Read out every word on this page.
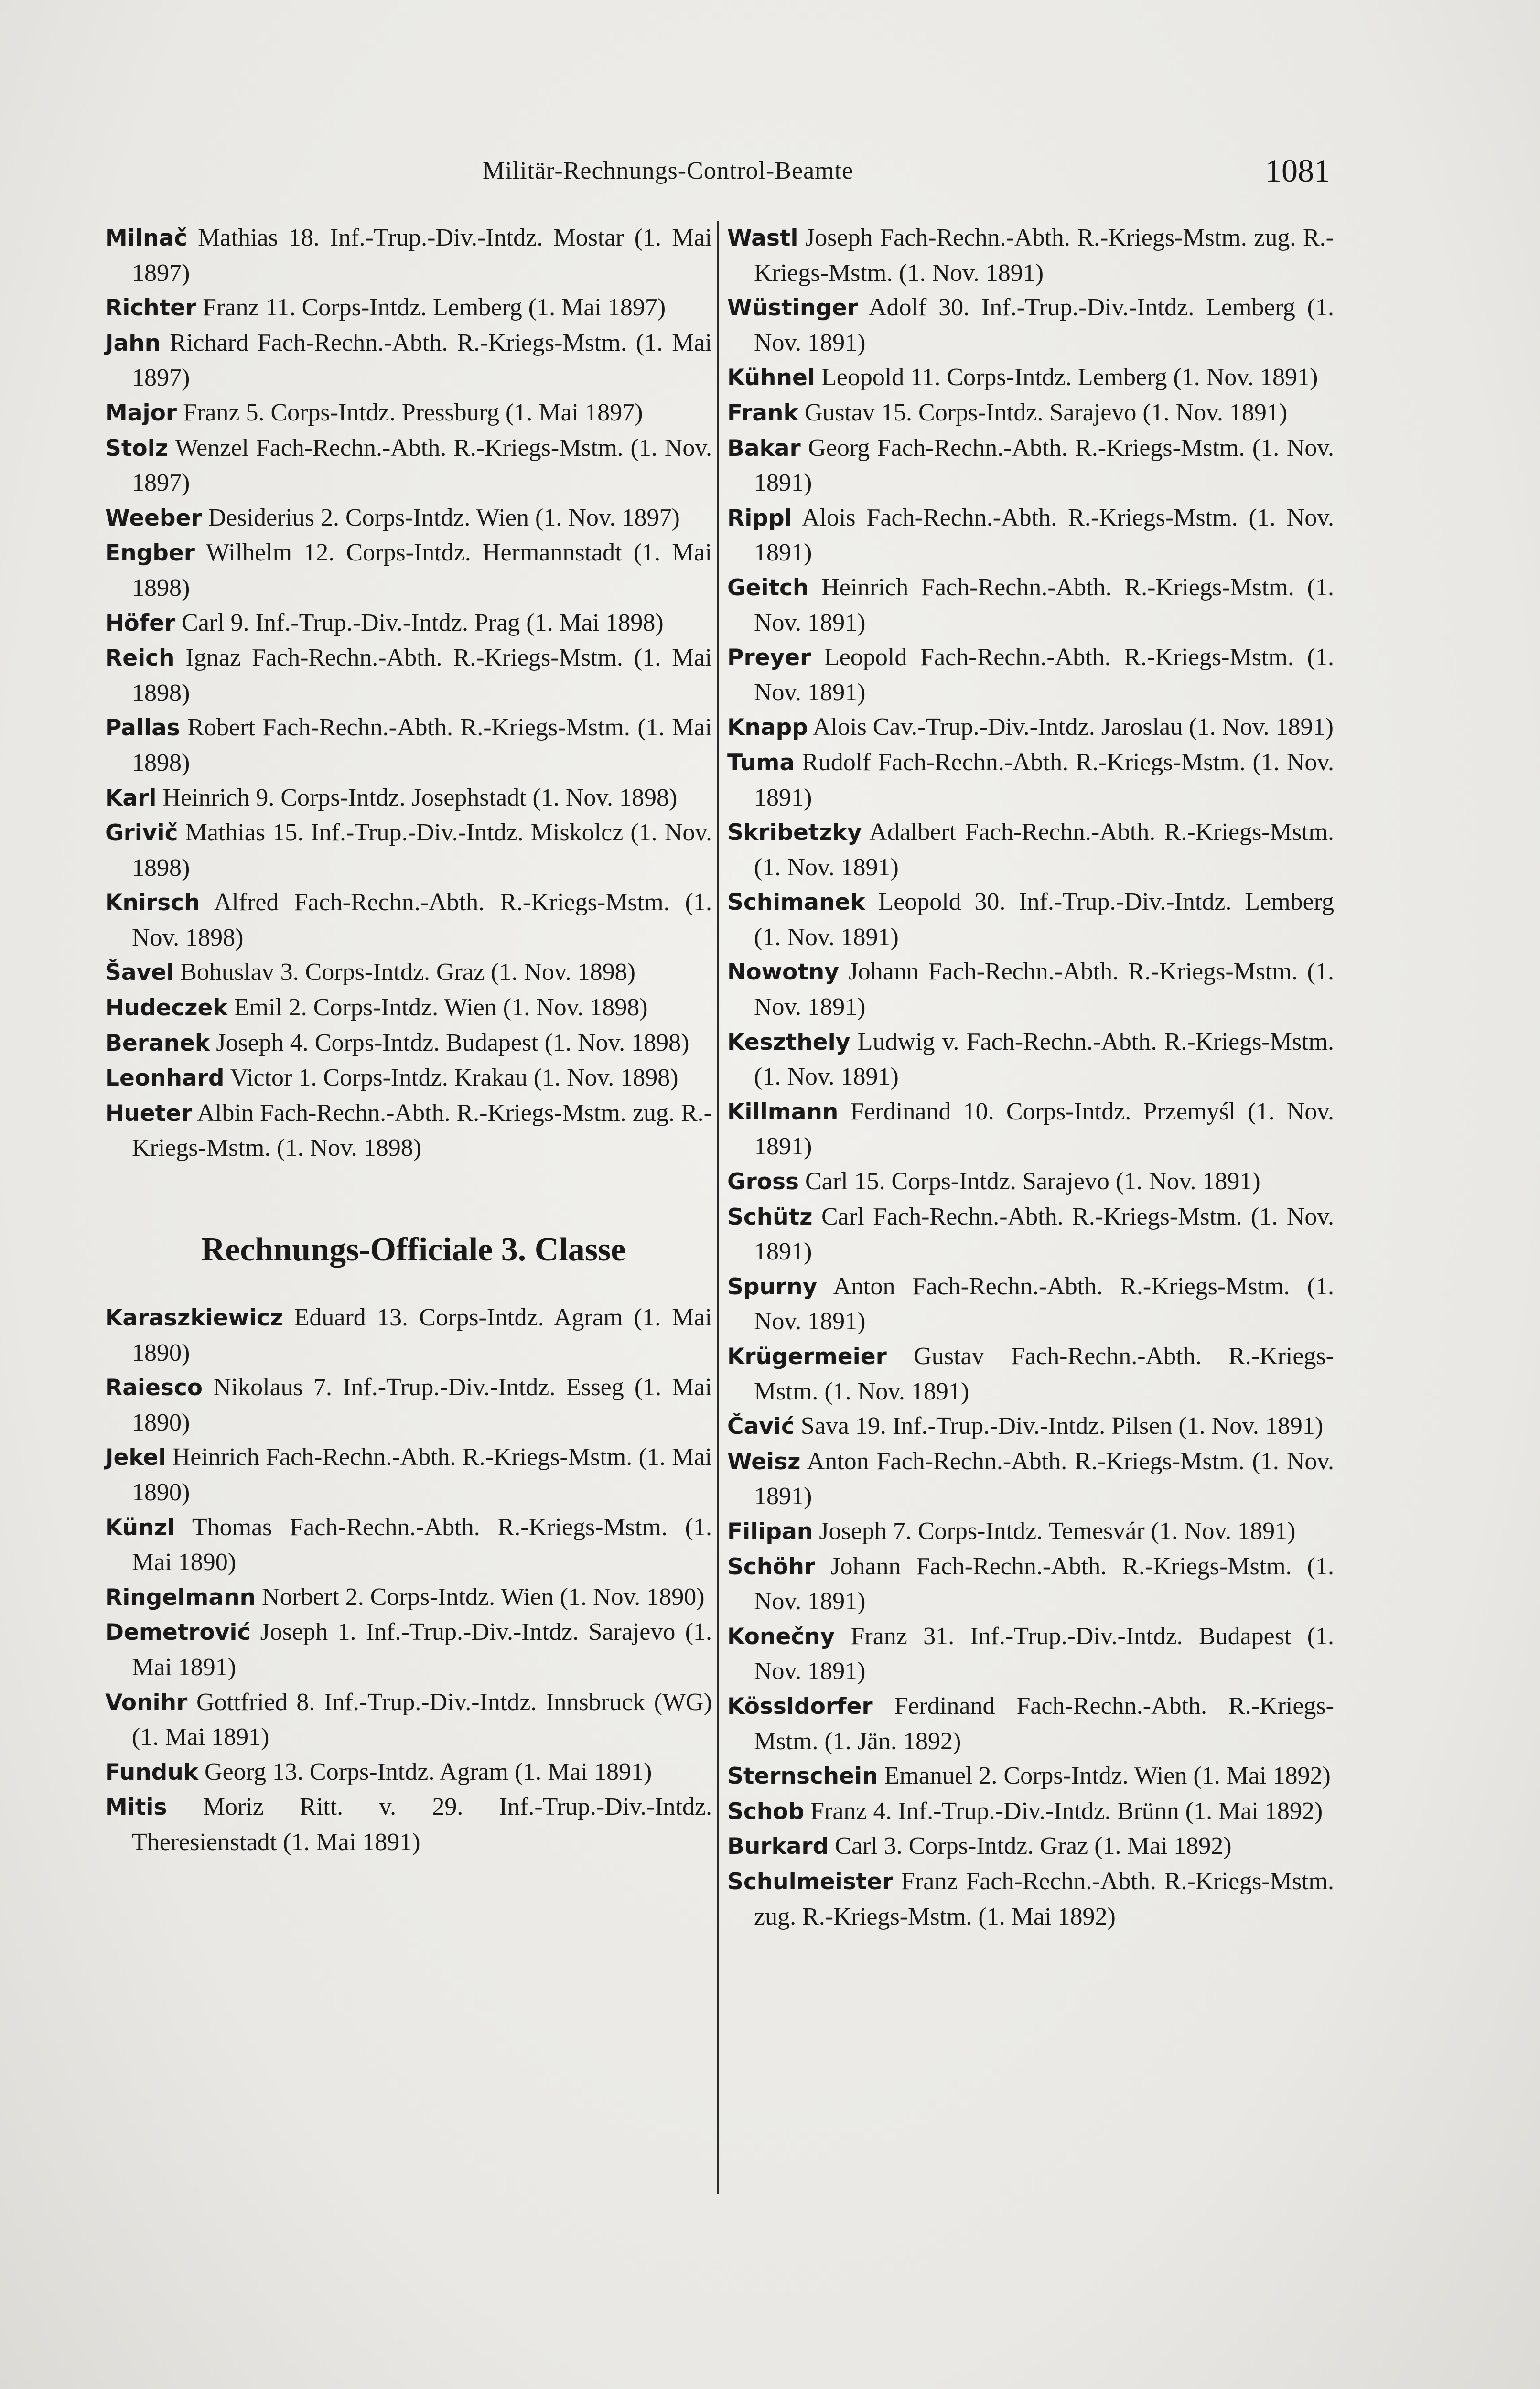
Militär-Rechnungs-Control-Beamte	1081

Milnač Mathias 18. Inf.-Trup.-Div.-Intdz. Mostar (1. Mai 1897)

Richter Franz 11. Corps-Intdz. Lemberg (1. Mai 1897)

Jahn Richard Fach-Rechn.-Abth. R.-Kriegs-Mstm. (1. Mai 1897)

Major Franz 5. Corps-Intdz. Pressburg (1. Mai 1897)

Stolz Wenzel Fach-Rechn.-Abth. R.-Kriegs-Mstm. (1. Nov. 1897)

Weeber Desiderius 2. Corps-Intdz. Wien (1. Nov. 1897)

Engber Wilhelm 12. Corps-Intdz. Hermannstadt (1. Mai 1898)

Höfer Carl 9. Inf.-Trup.-Div.-Intdz. Prag (1. Mai 1898)

Reich Ignaz Fach-Rechn.-Abth. R.-Kriegs-Mstm. (1. Mai 1898)

Pallas Robert Fach-Rechn.-Abth. R.-Kriegs-Mstm. (1. Mai 1898)

Karl Heinrich 9. Corps-Intdz. Josephstadt (1. Nov. 1898)

Grivič Mathias 15. Inf.-Trup.-Div.-Intdz. Miskolcz (1. Nov. 1898)

Knirsch Alfred Fach-Rechn.-Abth. R.-Kriegs-Mstm. (1. Nov. 1898)

Šavel Bohuslav 3. Corps-Intdz. Graz (1. Nov. 1898)

Hudeczek Emil 2. Corps-Intdz. Wien (1. Nov. 1898)

Beranek Joseph 4. Corps-Intdz. Budapest (1. Nov. 1898)

Leonhard Victor 1. Corps-Intdz. Krakau (1. Nov. 1898)

Hueter Albin Fach-Rechn.-Abth. R.-Kriegs-Mstm. zug. R.-Kriegs-Mstm. (1. Nov. 1898)

Rechnungs-Officiale 3. Classe

Karaszkiewicz Eduard 13. Corps-Intdz. Agram (1. Mai 1890)

Raiesco Nikolaus 7. Inf.-Trup.-Div.-Intdz. Esseg (1. Mai 1890)

Jekel Heinrich Fach-Rechn.-Abth. R.-Kriegs-Mstm. (1. Mai 1890)

Künzl Thomas Fach-Rechn.-Abth. R.-Kriegs-Mstm. (1. Mai 1890)

Ringelmann Norbert 2. Corps-Intdz. Wien (1. Nov. 1890)

Demetrović Joseph 1. Inf.-Trup.-Div.-Intdz. Sarajevo (1. Mai 1891)

Vonihr Gottfried 8. Inf.-Trup.-Div.-Intdz. Innsbruck (WG) (1. Mai 1891)

Funduk Georg 13. Corps-Intdz. Agram (1. Mai 1891)

Mitis Moriz Ritt. v. 29. Inf.-Trup.-Div.-Intdz. Theresienstadt (1. Mai 1891)

Wastl Joseph Fach-Rechn.-Abth. R.-Kriegs-Mstm. zug. R.-Kriegs-Mstm. (1. Nov. 1891)

Wüstinger Adolf 30. Inf.-Trup.-Div.-Intdz. Lemberg (1. Nov. 1891)

Kühnel Leopold 11. Corps-Intdz. Lemberg (1. Nov. 1891)

Frank Gustav 15. Corps-Intdz. Sarajevo (1. Nov. 1891)

Bakar Georg Fach-Rechn.-Abth. R.-Kriegs-Mstm. (1. Nov. 1891)

Rippl Alois Fach-Rechn.-Abth. R.-Kriegs-Mstm. (1. Nov. 1891)

Geitch Heinrich Fach-Rechn.-Abth. R.-Kriegs-Mstm. (1. Nov. 1891)

Preyer Leopold Fach-Rechn.-Abth. R.-Kriegs-Mstm. (1. Nov. 1891)

Knapp Alois Cav.-Trup.-Div.-Intdz. Jaroslau (1. Nov. 1891)

Tuma Rudolf Fach-Rechn.-Abth. R.-Kriegs-Mstm. (1. Nov. 1891)

Skribetzky Adalbert Fach-Rechn.-Abth. R.-Kriegs-Mstm. (1. Nov. 1891)

Schimanek Leopold 30. Inf.-Trup.-Div.-Intdz. Lemberg (1. Nov. 1891)

Nowotny Johann Fach-Rechn.-Abth. R.-Kriegs-Mstm. (1. Nov. 1891)

Keszthely Ludwig v. Fach-Rechn.-Abth. R.-Kriegs-Mstm. (1. Nov. 1891)

Killmann Ferdinand 10. Corps-Intdz. Przemyśl (1. Nov. 1891)

Gross Carl 15. Corps-Intdz. Sarajevo (1. Nov. 1891)

Schütz Carl Fach-Rechn.-Abth. R.-Kriegs-Mstm. (1. Nov. 1891)

Spurny Anton Fach-Rechn.-Abth. R.-Kriegs-Mstm. (1. Nov. 1891)

Krügermeier Gustav Fach-Rechn.-Abth. R.-Kriegs-Mstm. (1. Nov. 1891)

Čavić Sava 19. Inf.-Trup.-Div.-Intdz. Pilsen (1. Nov. 1891)

Weisz Anton Fach-Rechn.-Abth. R.-Kriegs-Mstm. (1. Nov. 1891)

Filipan Joseph 7. Corps-Intdz. Temesvár (1. Nov. 1891)

Schöhr Johann Fach-Rechn.-Abth. R.-Kriegs-Mstm. (1. Nov. 1891)

Konečny Franz 31. Inf.-Trup.-Div.-Intdz. Budapest (1. Nov. 1891)

Kössldorfer Ferdinand Fach-Rechn.-Abth. R.-Kriegs-Mstm. (1. Jän. 1892)

Sternschein Emanuel 2. Corps-Intdz. Wien (1. Mai 1892)

Schob Franz 4. Inf.-Trup.-Div.-Intdz. Brünn (1. Mai 1892)

Burkard Carl 3. Corps-Intdz. Graz (1. Mai 1892)

Schulmeister Franz Fach-Rechn.-Abth. R.-Kriegs-Mstm. zug. R.-Kriegs-Mstm. (1. Mai 1892)
